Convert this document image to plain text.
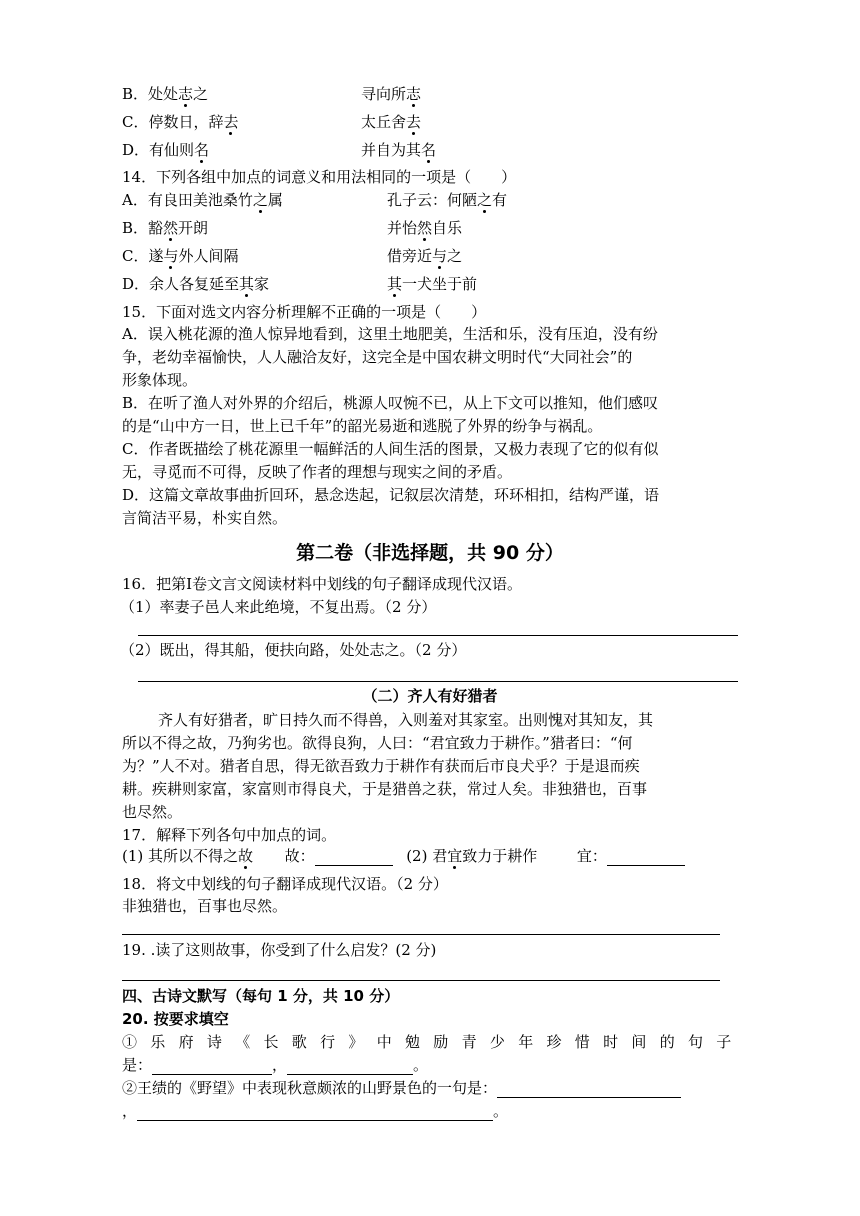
B．处处志之	寻向所志
C．停数日，辞去	太丘舍去
D．有仙则名	并自为其名
14．下列各组中加点的词意义和用法相同的一项是（　　）
A．有良田美池桑竹之属	孔子云：何陋之有
B．豁然开朗	并怡然自乐
C．遂与外人间隔	借旁近与之
D．余人各复延至其家	其一犬坐于前
15．下面对选文内容分析理解不正确的一项是（　　）
A．误入桃花源的渔人惊异地看到，这里土地肥美，生活和乐，没有压迫，没有纷
争，老幼幸福愉快，人人融洽友好，这完全是中国农耕文明时代“大同社会”的
形象体现。
B．在听了渔人对外界的介绍后，桃源人叹惋不已，从上下文可以推知，他们感叹
的是“山中方一日，世上已千年”的韶光易逝和逃脱了外界的纷争与祸乱。
C．作者既描绘了桃花源里一幅鲜活的人间生活的图景，又极力表现了它的似有似
无，寻觅而不可得，反映了作者的理想与现实之间的矛盾。
D．这篇文章故事曲折回环，悬念迭起，记叙层次清楚，环环相扣，结构严谨，语
言简洁平易，朴实自然。
第二卷（非选择题，共 90 分）
16．把第Ⅰ卷文言文阅读材料中划线的句子翻译成现代汉语。
（1）率妻子邑人来此绝境，不复出焉。（2 分）
（2）既出，得其船，便扶向路，处处志之。（2 分）
（二）齐人有好猎者
齐人有好猎者，旷日持久而不得兽，入则羞对其家室。出则愧对其知友，其
所以不得之故，乃狗劣也。欲得良狗，人曰：“君宜致力于耕作。”猎者曰：“何
为？”人不对。猎者自思，得无欲吾致力于耕作有获而后市良犬乎？于是退而疾
耕。疾耕则家富，家富则市得良犬，于是猎兽之获，常过人矣。非独猎也，百事
也尽然。
17．解释下列各句中加点的词。
(1) 其所以不得之故 故：	(2) 君宜致力于耕作	宜：
18．将文中划线的句子翻译成现代汉语。（2 分）
非独猎也，百事也尽然。
19. .读了这则故事，你受到了什么启发？(2 分)
四、古诗文默写（每句 1 分，共 10 分）
20. 按要求填空
①乐府诗《长歌行》中勉励青少年珍惜时间的句子
是：	，	。
②王绩的《野望》中表现秋意颇浓的山野景色的一句是：
，	。
